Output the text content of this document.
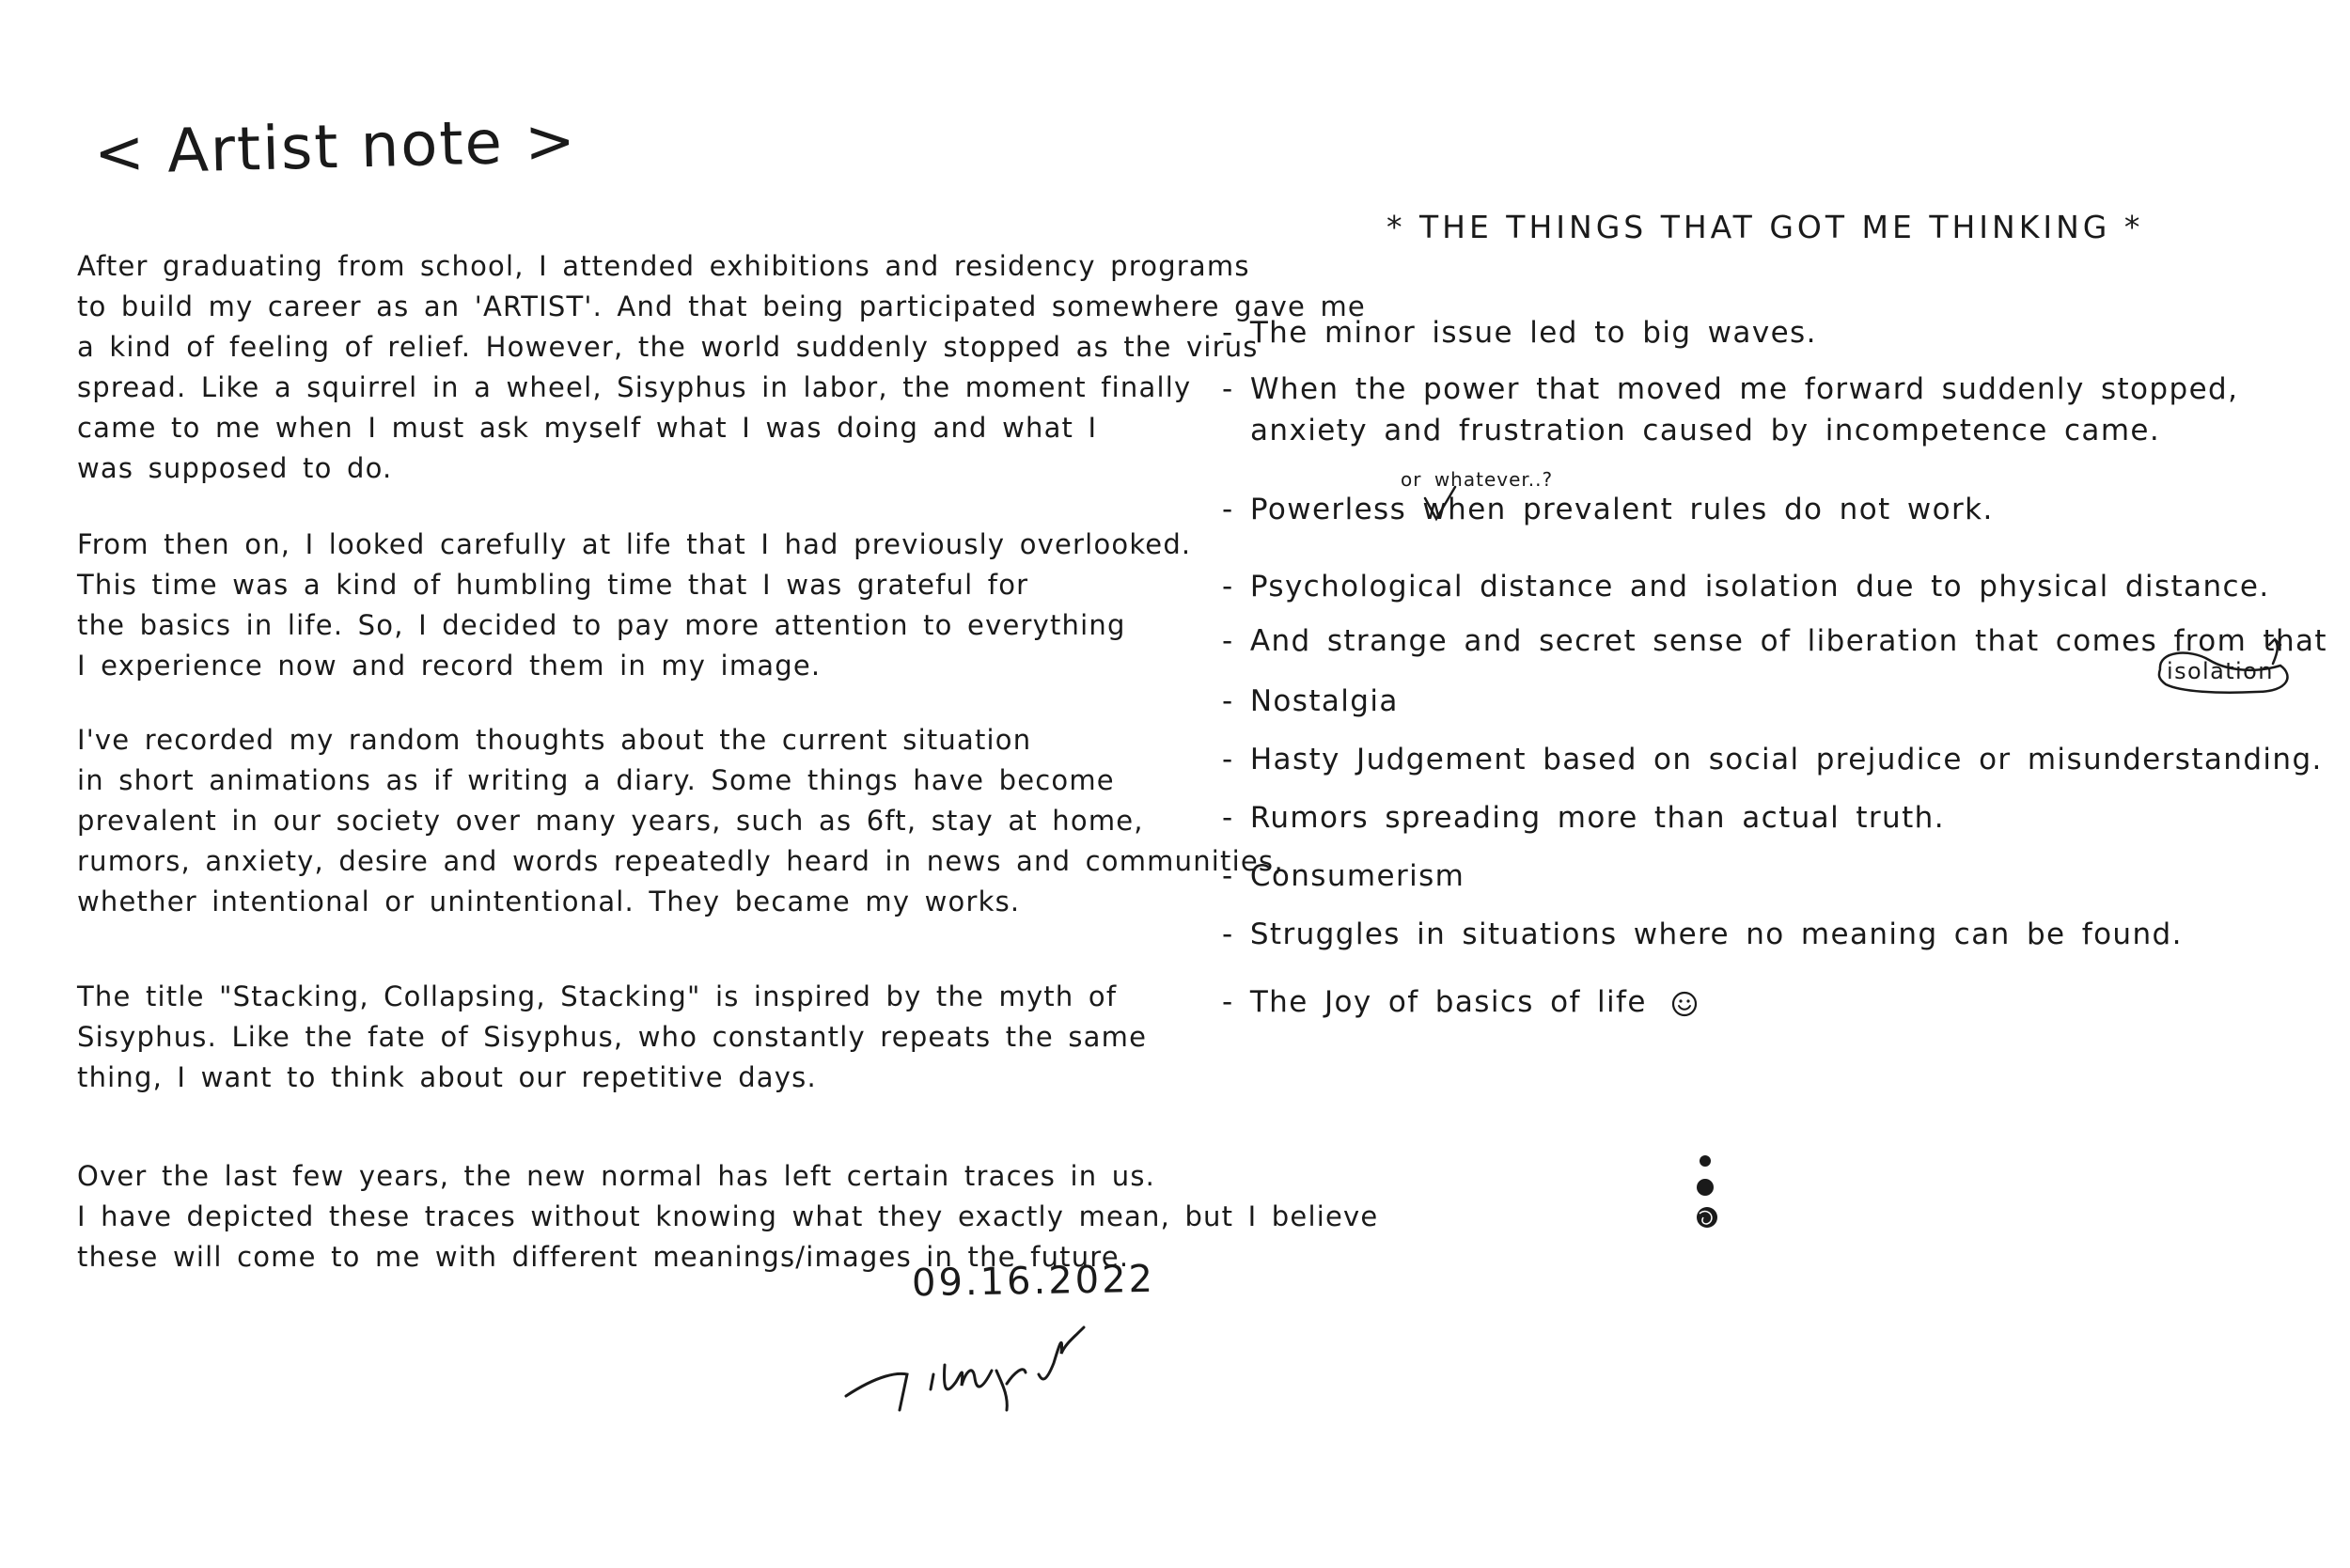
< Artist note >

After graduating from school, I attended exhibitions and residency programs
to build my career as an 'ARTIST'. And that being participated somewhere gave me
a kind of feeling of relief. However, the world suddenly stopped as the virus
spread. Like a squirrel in a wheel, Sisyphus in labor, the moment finally
came to me when I must ask myself what I was doing and what I
was supposed to do.

From then on, I looked carefully at life that I had previously overlooked.
This time was a kind of humbling time that I was grateful for
the basics in life. So, I decided to pay more attention to everything
I experience now and record them in my image.

I've recorded my random thoughts about the current situation
in short animations as if writing a diary. Some things have become
prevalent in our society over many years, such as 6ft, stay at home,
rumors, anxiety, desire and words repeatedly heard in news and communities,
whether intentional or unintentional. They became my works.

The title "Stacking, Collapsing, Stacking" is inspired by the myth of
Sisyphus. Like the fate of Sisyphus, who constantly repeats the same
thing, I want to think about our repetitive days.

Over the last few years, the new normal has left certain traces in us.
I have depicted these traces without knowing what they exactly mean, but I believe
these will come to me with different meanings/images in the future.

09.16.2022
* THE THINGS THAT GOT ME THINKING *
- The minor issue led to big waves.
- When the power that moved me forward suddenly stopped,
anxiety and frustration caused by incompetence came.
or whatever..?
- Powerless when prevalent rules do not work.
- Psychological distance and isolation due to physical distance.
- And strange and secret sense of liberation that comes from that
isolation
- Nostalgia
- Hasty Judgement based on social prejudice or misunderstanding.
- Rumors spreading more than actual truth.
- Consumerism
- Struggles in situations where no meaning can be found.
- The Joy of basics of life
